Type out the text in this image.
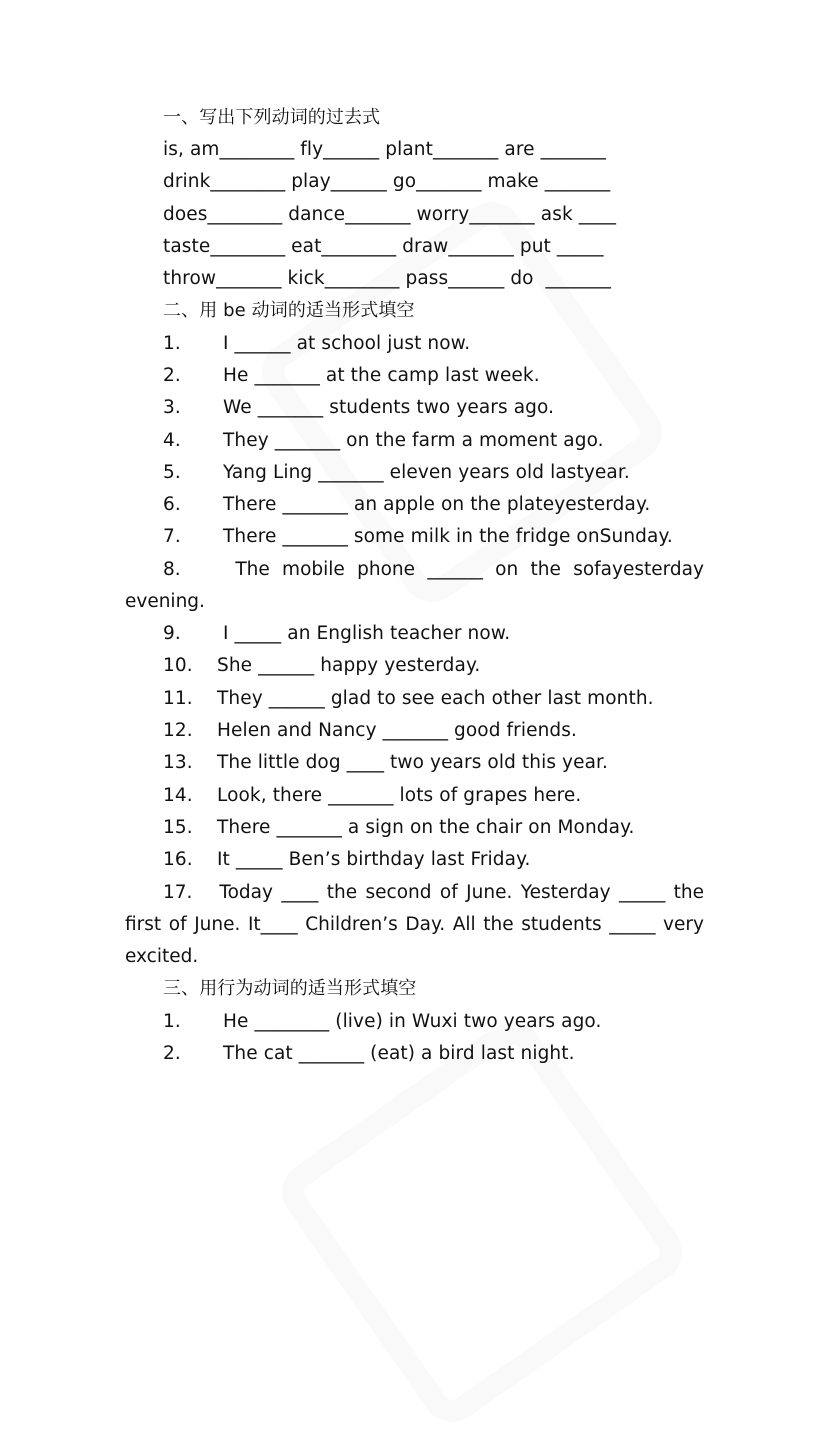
一、写出下列动词的过去式
is, am________ fly______ plant_______ are _______
drink________ play______ go_______ make _______
does________ dance_______ worry_______ ask ____
taste________ eat________ draw_______ put _____
throw_______ kick________ pass______ do  _______
二、用 be 动词的适当形式填空
1. I ______ at school just now.
2. He _______ at the camp last week.
3. We _______ students two years ago.
4. They _______ on the farm a moment ago.
5. Yang Ling _______ eleven years old lastyear.
6. There _______ an apple on the plateyesterday.
7. There _______ some milk in the fridge onSunday.
8.	The mobile phone ______ on the sofayesterday
evening.
9. I _____ an English teacher now.
10. She ______ happy yesterday.
11. They ______ glad to see each other last month.
12. Helen and Nancy _______ good friends.
13. The little dog ____ two years old this year.
14. Look, there _______ lots of grapes here.
15. There _______ a sign on the chair on Monday.
16. It _____ Ben’s birthday last Friday.
17.	Today ____ the second of June. Yesterday _____ the
first of June. It____ Children’s Day. All the students _____ very
excited.
三、用行为动词的适当形式填空
1. He ________ (live) in Wuxi two years ago.
2. The cat _______ (eat) a bird last night.
